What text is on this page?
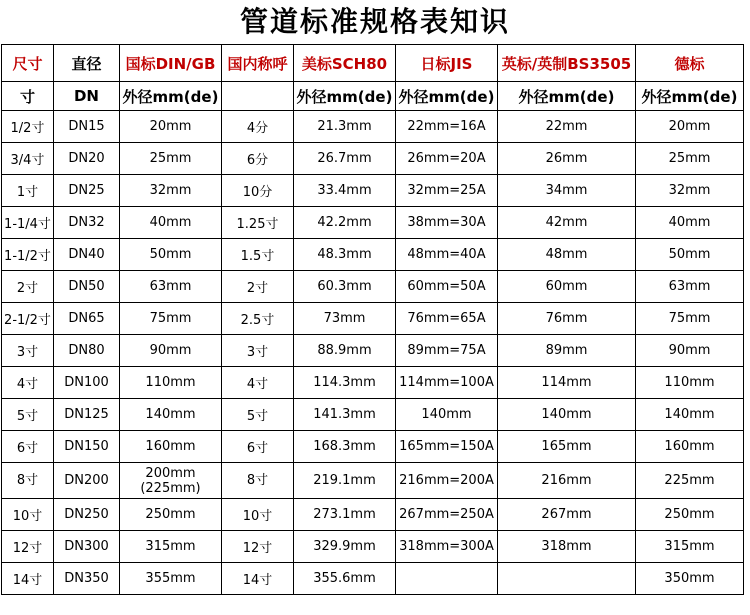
管道标准规格表知识
尺寸	直径	国标DIN/GB	国内称呼	美标SCH80	日标JIS	英标/英制BS3505	德标
寸	DN	外径mm(de)		外径mm(de)	外径mm(de)	外径mm(de)	外径mm(de)
1/2寸	DN15	20mm	4分	21.3mm	22mm=16A	22mm	20mm
3/4寸	DN20	25mm	6分	26.7mm	26mm=20A	26mm	25mm
1寸	DN25	32mm	10分	33.4mm	32mm=25A	34mm	32mm
1-1/4寸	DN32	40mm	1.25寸	42.2mm	38mm=30A	42mm	40mm
1-1/2寸	DN40	50mm	1.5寸	48.3mm	48mm=40A	48mm	50mm
2寸	DN50	63mm	2寸	60.3mm	60mm=50A	60mm	63mm
2-1/2寸	DN65	75mm	2.5寸	73mm	76mm=65A	76mm	75mm
3寸	DN80	90mm	3寸	88.9mm	89mm=75A	89mm	90mm
4寸	DN100	110mm	4寸	114.3mm	114mm=100A	114mm	110mm
5寸	DN125	140mm	5寸	141.3mm	140mm	140mm	140mm
6寸	DN150	160mm	6寸	168.3mm	165mm=150A	165mm	160mm
8寸	DN200	200mm (225mm)	8寸	219.1mm	216mm=200A	216mm	225mm
10寸	DN250	250mm	10寸	273.1mm	267mm=250A	267mm	250mm
12寸	DN300	315mm	12寸	329.9mm	318mm=300A	318mm	315mm
14寸	DN350	355mm	14寸	355.6mm			350mm
